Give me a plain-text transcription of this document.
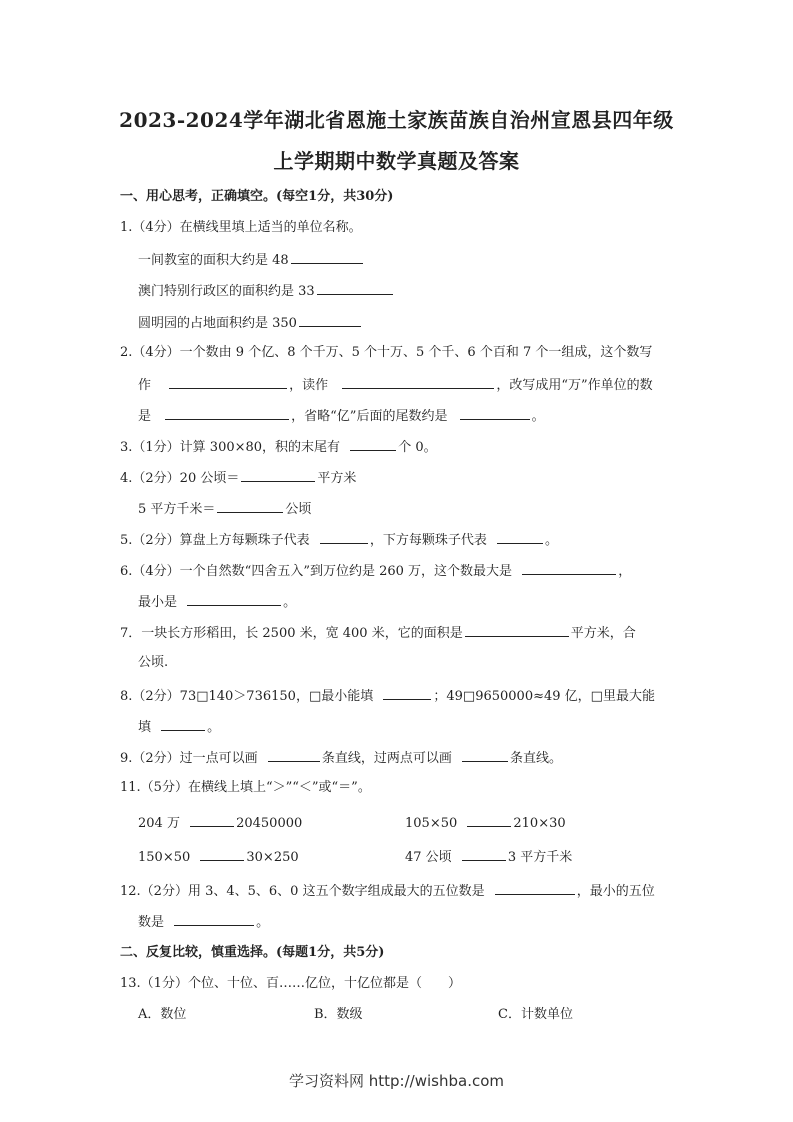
2023-2024学年湖北省恩施土家族苗族自治州宣恩县四年级
上学期期中数学真题及答案
一、用心思考，正确填空。(每空1分，共30分)
1.（4分）在横线里填上适当的单位名称。
一间教室的面积大约是 48
澳门特别行政区的面积约是 33
圆明园的占地面积约是 350
2.（4分）一个数由 9 个亿、8 个千万、5 个十万、5 个千、6 个百和 7 个一组成，这个数写
作	，读作	，改写成用“万”作单位的数
是	，省略“亿”后面的尾数约是	。
3.（1分）计算 300×80，积的末尾有	个 0。
4.（2分）20 公顷＝	平方米
5 平方千米＝	公顷
5.（2分）算盘上方每颗珠子代表	，下方每颗珠子代表	。
6.（4分）一个自然数“四舍五入”到万位约是 260 万，这个数最大是	，
最小是	。
7．一块长方形稻田，长 2500 米，宽 400 米，它的面积是	平方米，合
公顷.
8.（2分）73□140＞736150，□最小能填	；49□9650000≈49 亿，□里最大能
填	。
9.（2分）过一点可以画	条直线，过两点可以画	条直线。
11.（5分）在横线上填上“＞”“＜”或“＝”。
204 万	20450000	105×50	210×30
150×50	30×250	47 公顷	3 平方千米
12.（2分）用 3、4、5、6、0 这五个数字组成最大的五位数是	，最小的五位
数是	。
二、反复比较，慎重选择。(每题1分，共5分)
13.（1分）个位、十位、百……亿位，十亿位都是（　　）
A．数位	B．数级	C．计数单位
学习资料网 http://wishba.com
